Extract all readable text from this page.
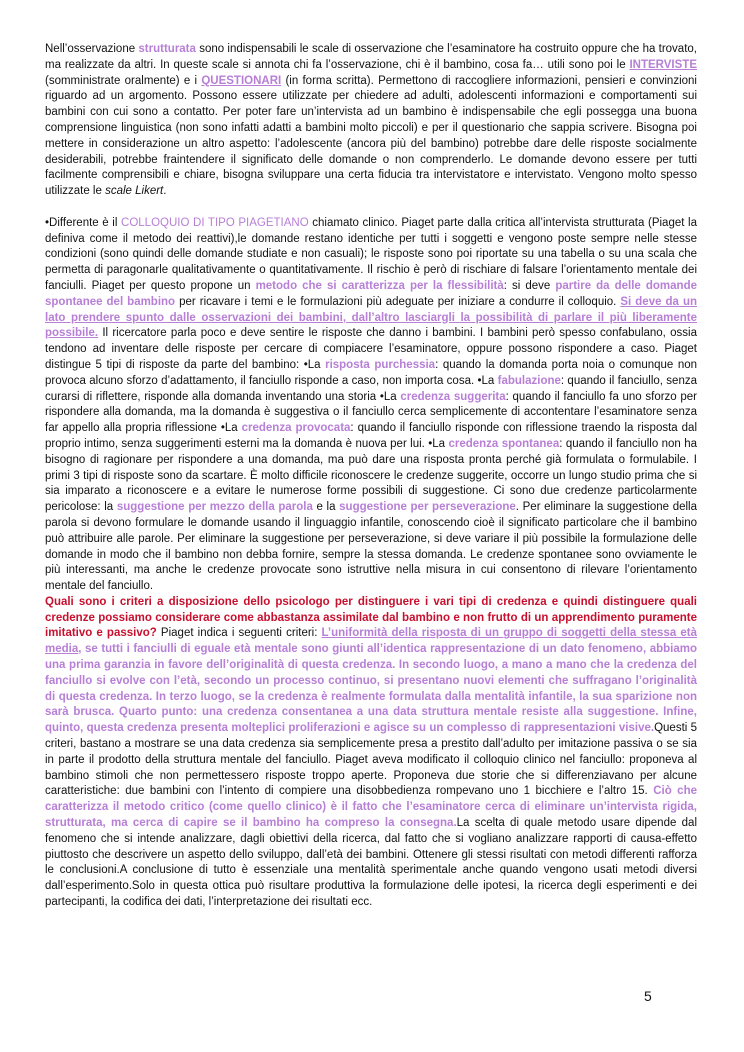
Nell’osservazione strutturata sono indispensabili le scale di osservazione che l’esaminatore ha costruito oppure che ha trovato, ma realizzate da altri. In queste scale si annota chi fa l’osservazione, chi è il bambino, cosa fa… utili sono poi le INTERVISTE (somministrate oralmente) e i QUESTIONARI (in forma scritta). Permettono di raccogliere informazioni, pensieri e convinzioni riguardo ad un argomento. Possono essere utilizzate per chiedere ad adulti, adolescenti informazioni e comportamenti sui bambini con cui sono a contatto. Per poter fare un’intervista ad un bambino è indispensabile che egli possegga una buona comprensione linguistica (non sono infatti adatti a bambini molto piccoli) e per il questionario che sappia scrivere. Bisogna poi mettere in considerazione un altro aspetto: l’adolescente (ancora più del bambino) potrebbe dare delle risposte socialmente desiderabili, potrebbe fraintendere il significato delle domande o non comprenderlo. Le domande devono essere per tutti facilmente comprensibili e chiare, bisogna sviluppare una certa fiducia tra intervistatore e intervistato. Vengono molto spesso utilizzate le scale Likert.

•Differente è il COLLOQUIO DI TIPO PIAGETIANO chiamato clinico. Piaget parte dalla critica all’intervista strutturata (Piaget la definiva come il metodo dei reattivi),le domande restano identiche per tutti i soggetti e vengono poste sempre nelle stesse condizioni (sono quindi delle domande studiate e non casuali); le risposte sono poi riportate su una tabella o su una scala che permetta di paragonarle qualitativamente o quantitativamente. Il rischio è però di rischiare di falsare l’orientamento mentale dei fanciulli. Piaget per questo propone un metodo che si caratterizza per la flessibilità: si deve partire da delle domande spontanee del bambino per ricavare i temi e le formulazioni più adeguate per iniziare a condurre il colloquio. Si deve da un lato prendere spunto dalle osservazioni dei bambini, dall’altro lasciargli la possibilità di parlare il più liberamente possibile. Il ricercatore parla poco e deve sentire le risposte che danno i bambini. I bambini però spesso confabulano, ossia tendono ad inventare delle risposte per cercare di compiacere l’esaminatore, oppure possono rispondere a caso. Piaget distingue 5 tipi di risposte da parte del bambino: •La risposta purchessia: quando la domanda porta noia o comunque non provoca alcuno sforzo d’adattamento, il fanciullo risponde a caso, non importa cosa. •La fabulazione: quando il fanciullo, senza curarsi di riflettere, risponde alla domanda inventando una storia •La credenza suggerita: quando il fanciullo fa uno sforzo per rispondere alla domanda, ma la domanda è suggestiva o il fanciullo cerca semplicemente di accontentare l’esaminatore senza far appello alla propria riflessione •La credenza provocata: quando il fanciullo risponde con riflessione traendo la risposta dal proprio intimo, senza suggerimenti esterni ma la domanda è nuova per lui. •La credenza spontanea: quando il fanciullo non ha bisogno di ragionare per rispondere a una domanda, ma può dare una risposta pronta perché già formulata o formulabile. I primi 3 tipi di risposte sono da scartare. È molto difficile riconoscere le credenze suggerite, occorre un lungo studio prima che si sia imparato a riconoscere e a evitare le numerose forme possibili di suggestione. Ci sono due credenze particolarmente pericolose: la suggestione per mezzo della parola e la suggestione per perseverazione. Per eliminare la suggestione della parola si devono formulare le domande usando il linguaggio infantile, conoscendo cioè il significato particolare che il bambino può attribuire alle parole. Per eliminare la suggestione per perseverazione, si deve variare il più possibile la formulazione delle domande in modo che il bambino non debba fornire, sempre la stessa domanda. Le credenze spontanee sono ovviamente le più interessanti, ma anche le credenze provocate sono istruttive nella misura in cui consentono di rilevare l’orientamento mentale del fanciullo.
Quali sono i criteri a disposizione dello psicologo per distinguere i vari tipi di credenza e quindi distinguere quali credenze possiamo considerare come abbastanza assimilate dal bambino e non frutto di un apprendimento puramente imitativo e passivo? Piaget indica i seguenti criteri: L’uniformità della risposta di un gruppo di soggetti della stessa età media, se tutti i fanciulli di eguale età mentale sono giunti all’identica rappresentazione di un dato fenomeno, abbiamo una prima garanzia in favore dell’originalità di questa credenza. In secondo luogo, a mano a mano che la credenza del fanciullo si evolve con l’età, secondo un processo continuo, si presentano nuovi elementi che suffragano l’originalità di questa credenza. In terzo luogo, se la credenza è realmente formulata dalla mentalità infantile, la sua sparizione non sarà brusca. Quarto punto: una credenza consentanea a una data struttura mentale resiste alla suggestione. Infine, quinto, questa credenza presenta molteplici proliferazioni e agisce su un complesso di rappresentazioni visive.Questi 5 criteri, bastano a mostrare se una data credenza sia semplicemente presa a prestito dall’adulto per imitazione passiva o se sia in parte il prodotto della struttura mentale del fanciullo. Piaget aveva modificato il colloquio clinico nel fanciullo: proponeva al bambino stimoli che non permettessero risposte troppo aperte. Proponeva due storie che si differenziavano per alcune caratteristiche: due bambini con l’intento di compiere una disobbedienza rompevano uno 1 bicchiere e l’altro 15. Ciò che caratterizza il metodo critico (come quello clinico) è il fatto che l’esaminatore cerca di eliminare un’intervista rigida, strutturata, ma cerca di capire se il bambino ha compreso la consegna.La scelta di quale metodo usare dipende dal fenomeno che si intende analizzare, dagli obiettivi della ricerca, dal fatto che si vogliano analizzare rapporti di causa-effetto piuttosto che descrivere un aspetto dello sviluppo, dall’età dei bambini. Ottenere gli stessi risultati con metodi differenti rafforza le conclusioni.A conclusione di tutto è essenziale una mentalità sperimentale anche quando vengono usati metodi diversi dall’esperimento.Solo in questa ottica può risultare produttiva la formulazione delle ipotesi, la ricerca degli esperimenti e dei partecipanti, la codifica dei dati, l’interpretazione dei risultati ecc.

5
